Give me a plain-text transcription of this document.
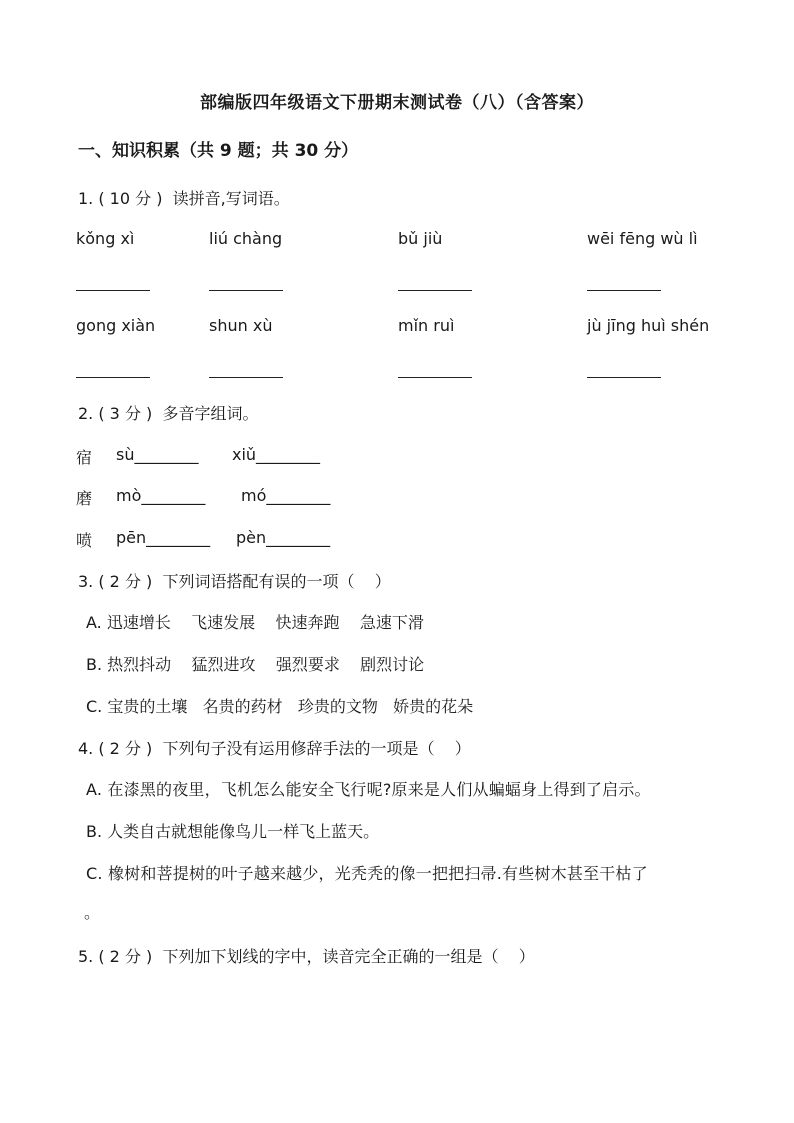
部编版四年级语文下册期末测试卷（八）（含答案）
一、知识积累（共 9 题；共 30 分）
1. ( 10 分 )  读拼音,写词语。
kǒng xì	liú chàng	bǔ jiù	wēi fēng wù lì
gong xiàn	shun xù	mǐn ruì	jù jīng huì shén
2. ( 3 分 )  多音字组词。
宿 sù________ xiǔ________
磨 mò________ mó________
喷 pēn________ pèn________
3. ( 2 分 )  下列词语搭配有误的一项（    ）
A. 迅速增长    飞速发展    快速奔跑    急速下滑
B. 热烈抖动    猛烈进攻    强烈要求    剧烈讨论
C. 宝贵的土壤   名贵的药材   珍贵的文物   娇贵的花朵
4. ( 2 分 )  下列句子没有运用修辞手法的一项是（    ）
A. 在漆黑的夜里，飞机怎么能安全飞行呢?原来是人们从蝙蝠身上得到了启示。
B. 人类自古就想能像鸟儿一样飞上蓝天。
C. 橡树和菩提树的叶子越来越少，光秃秃的像一把把扫帚.有些树木甚至干枯了
。
5. ( 2 分 )  下列加下划线的字中，读音完全正确的一组是（    ）
